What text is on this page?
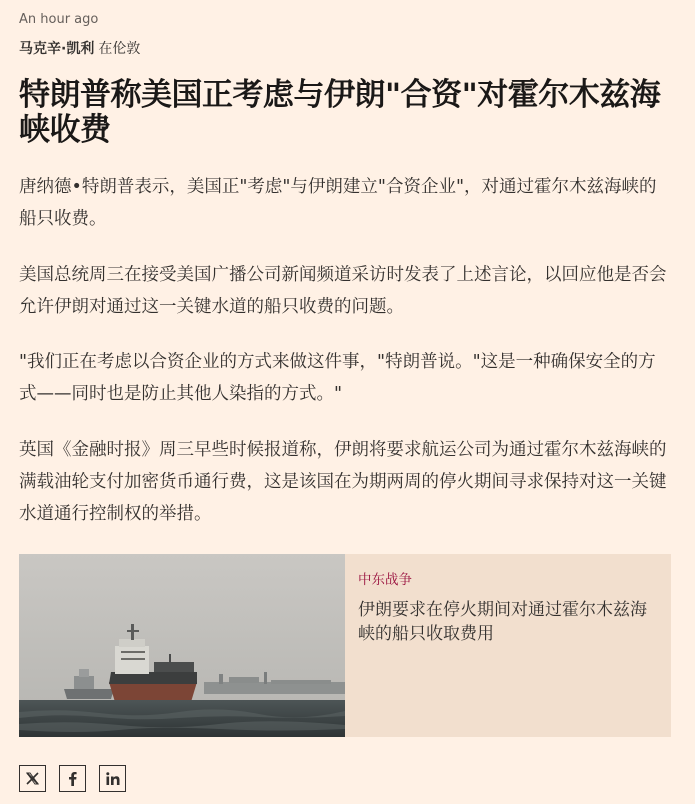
An hour ago
马克辛·凯利 在伦敦
特朗普称美国正考虑与伊朗"合资"对霍尔木兹海峡收费

唐纳德•特朗普表示，美国正"考虑"与伊朗建立"合资企业"，对通过霍尔木兹海峡的船只收费。

美国总统周三在接受美国广播公司新闻频道采访时发表了上述言论，以回应他是否会允许伊朗对通过这一关键水道的船只收费的问题。

"我们正在考虑以合资企业的方式来做这件事，"特朗普说。"这是一种确保安全的方式——同时也是防止其他人染指的方式。"

英国《金融时报》周三早些时候报道称，伊朗将要求航运公司为通过霍尔木兹海峡的满载油轮支付加密货币通行费，这是该国在为期两周的停火期间寻求保持对这一关键水道通行控制权的举措。

中东战争
伊朗要求在停火期间对通过霍尔木兹海峡的船只收取费用
